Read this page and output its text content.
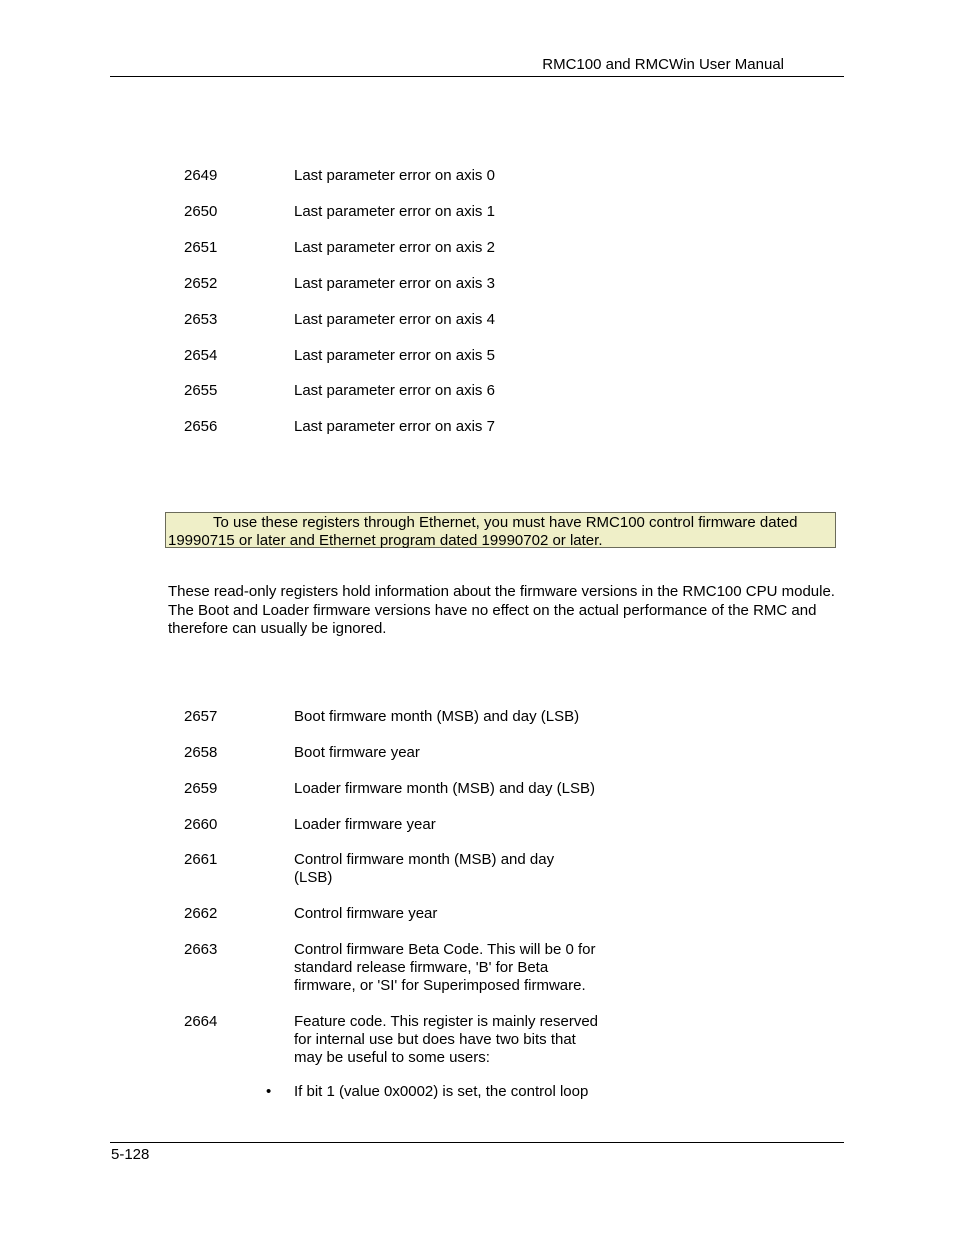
RMC100 and RMCWin User Manual
2649	Last parameter error on axis 0
2650	Last parameter error on axis 1
2651	Last parameter error on axis 2
2652	Last parameter error on axis 3
2653	Last parameter error on axis 4
2654	Last parameter error on axis 5
2655	Last parameter error on axis 6
2656	Last parameter error on axis 7
To use these registers through Ethernet, you must have RMC100 control firmware dated 19990715 or later and Ethernet program dated 19990702 or later.
These read-only registers hold information about the firmware versions in the RMC100 CPU module. The Boot and Loader firmware versions have no effect on the actual performance of the RMC and therefore can usually be ignored.
2657	Boot firmware month (MSB) and day (LSB)
2658	Boot firmware year
2659	Loader firmware month (MSB) and day (LSB)
2660	Loader firmware year
2661	Control firmware month (MSB) and day (LSB)
2662	Control firmware year
2663	Control firmware Beta Code. This will be 0 for standard release firmware, 'B' for Beta firmware, or 'SI' for Superimposed firmware.
2664	Feature code. This register is mainly reserved for internal use but does have two bits that may be useful to some users:
• If bit 1 (value 0x0002) is set, the control loop
5-128
